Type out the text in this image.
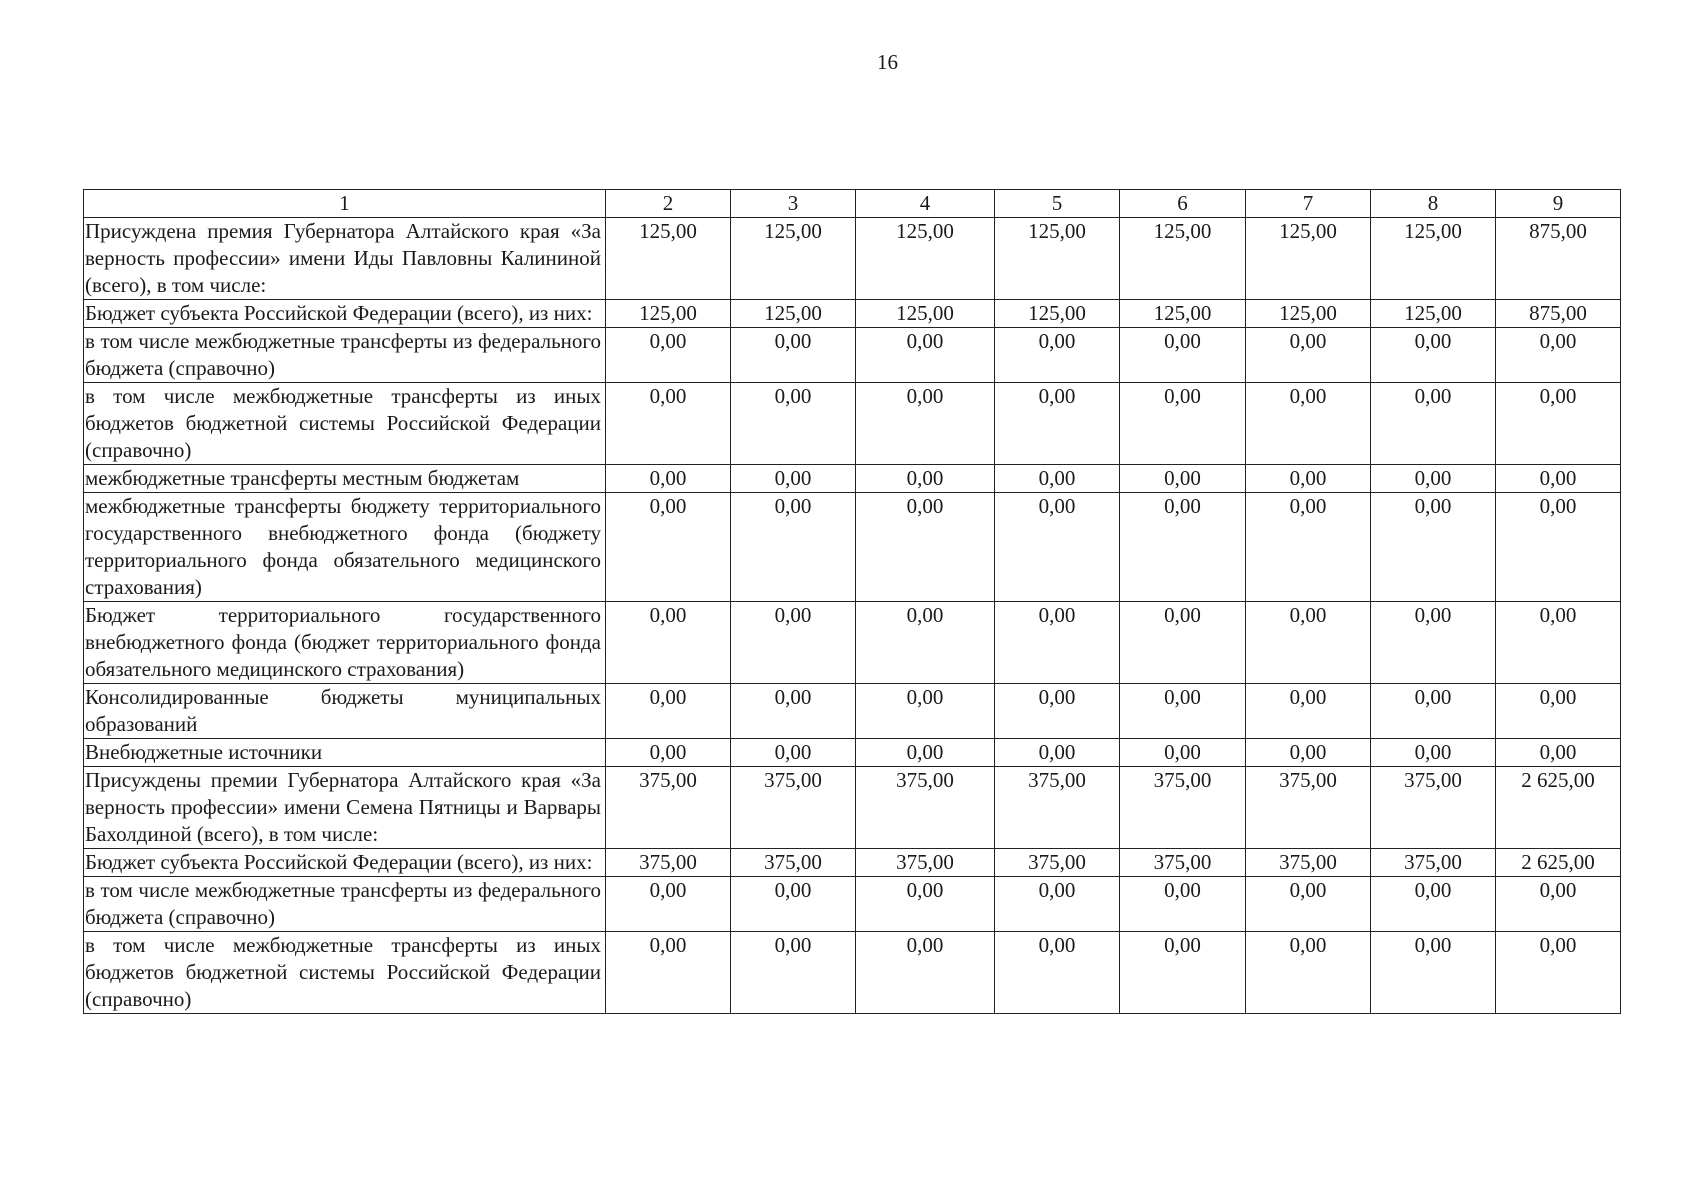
16
1	2	3	4	5	6	7	8	9
Присуждена премия Губернатора Алтайского края «За верность профессии» имени Иды Павловны Калининой (всего), в том числе:	125,00	125,00	125,00	125,00	125,00	125,00	125,00	875,00
Бюджет субъекта Российской Федерации (всего), из них:	125,00	125,00	125,00	125,00	125,00	125,00	125,00	875,00
в том числе межбюджетные трансферты из федерального бюджета (справочно)	0,00	0,00	0,00	0,00	0,00	0,00	0,00	0,00
в том числе межбюджетные трансферты из иных бюджетов бюджетной системы Российской Федерации (справочно)	0,00	0,00	0,00	0,00	0,00	0,00	0,00	0,00
межбюджетные трансферты местным бюджетам	0,00	0,00	0,00	0,00	0,00	0,00	0,00	0,00
межбюджетные трансферты бюджету территориального государственного внебюджетного фонда (бюджету территориального фонда обязательного медицинского страхования)	0,00	0,00	0,00	0,00	0,00	0,00	0,00	0,00
Бюджет территориального государственного внебюджетного фонда (бюджет территориального фонда обязательного медицинского страхования)	0,00	0,00	0,00	0,00	0,00	0,00	0,00	0,00
Консолидированные бюджеты муниципальных образований	0,00	0,00	0,00	0,00	0,00	0,00	0,00	0,00
Внебюджетные источники	0,00	0,00	0,00	0,00	0,00	0,00	0,00	0,00
Присуждены премии Губернатора Алтайского края «За верность профессии» имени Семена Пятницы и Варвары Бахолдиной (всего), в том числе:	375,00	375,00	375,00	375,00	375,00	375,00	375,00	2 625,00
Бюджет субъекта Российской Федерации (всего), из них:	375,00	375,00	375,00	375,00	375,00	375,00	375,00	2 625,00
в том числе межбюджетные трансферты из федерального бюджета (справочно)	0,00	0,00	0,00	0,00	0,00	0,00	0,00	0,00
в том числе межбюджетные трансферты из иных бюджетов бюджетной системы Российской Федерации (справочно)	0,00	0,00	0,00	0,00	0,00	0,00	0,00	0,00
